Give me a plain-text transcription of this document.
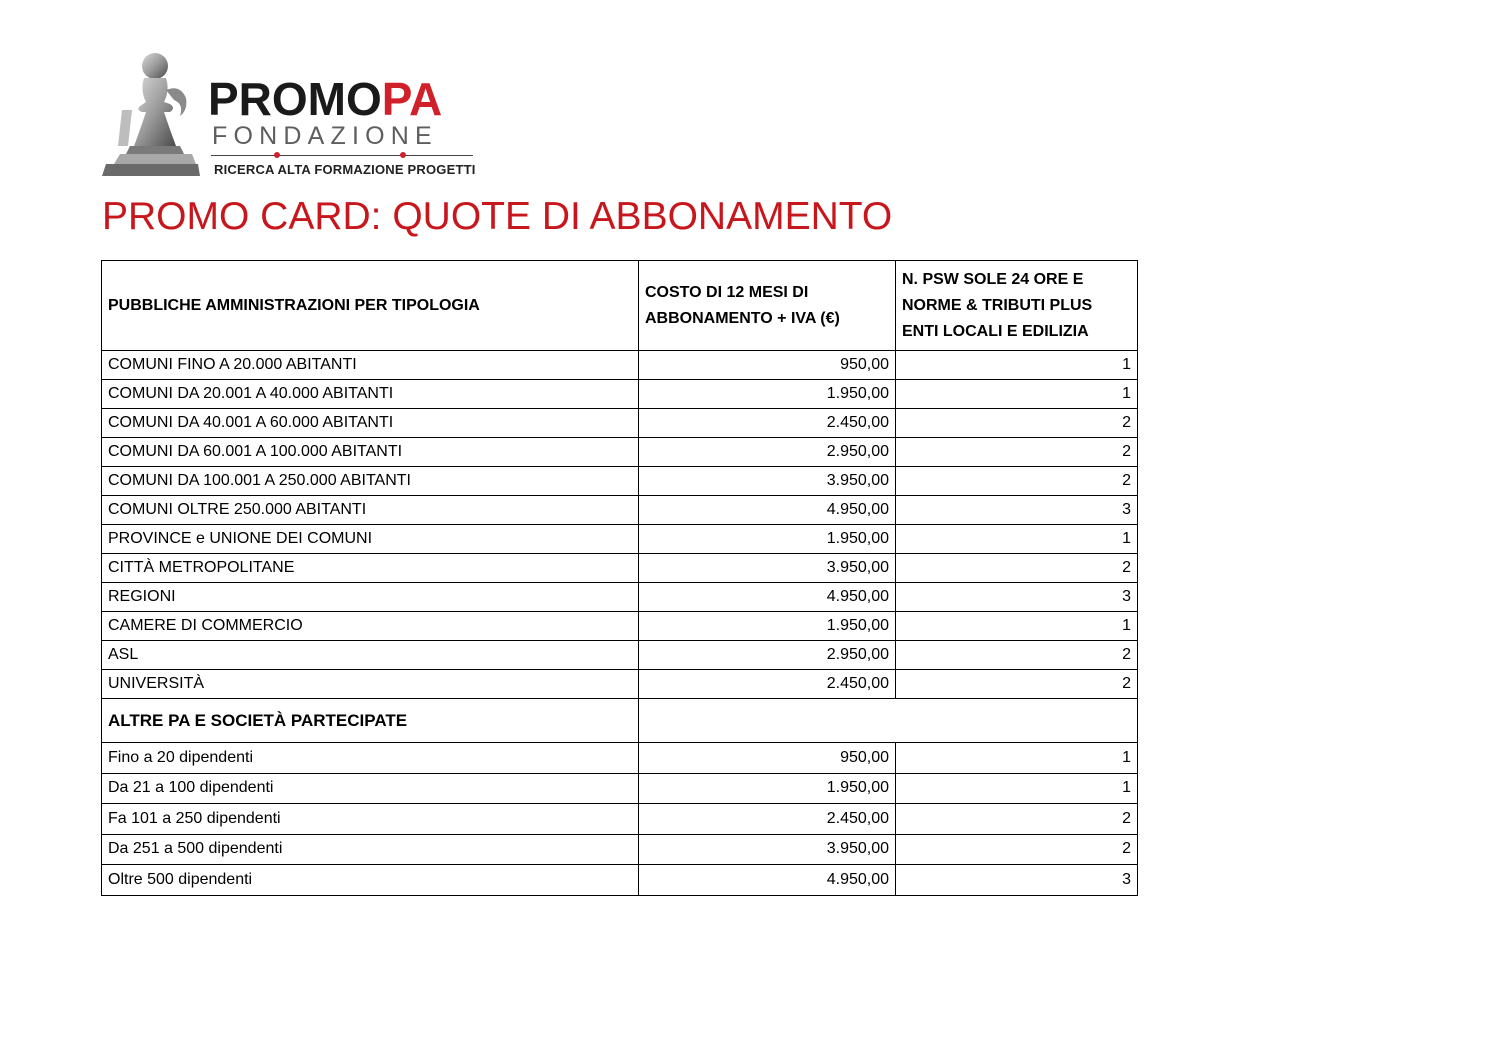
PROMOPA
FONDAZIONE
RICERCA ALTA FORMAZIONE PROGETTI
PROMO CARD: QUOTE DI ABBONAMENTO
PUBBLICHE AMMINISTRAZIONI PER TIPOLOGIA	COSTO DI 12 MESI DI ABBONAMENTO + IVA (€)	N. PSW SOLE 24 ORE E NORME & TRIBUTI PLUS ENTI LOCALI E EDILIZIA
COMUNI FINO A 20.000 ABITANTI	950,00	1
COMUNI DA 20.001 A 40.000 ABITANTI	1.950,00	1
COMUNI DA 40.001 A 60.000 ABITANTI	2.450,00	2
COMUNI DA 60.001 A 100.000 ABITANTI	2.950,00	2
COMUNI DA 100.001 A 250.000 ABITANTI	3.950,00	2
COMUNI OLTRE 250.000 ABITANTI	4.950,00	3
PROVINCE e UNIONE DEI COMUNI	1.950,00	1
CITTÀ METROPOLITANE	3.950,00	2
REGIONI	4.950,00	3
CAMERE DI COMMERCIO	1.950,00	1
ASL	2.950,00	2
UNIVERSITÀ	2.450,00	2
ALTRE PA E SOCIETÀ PARTECIPATE		
Fino a 20 dipendenti	950,00	1
Da 21 a 100 dipendenti	1.950,00	1
Fa 101 a 250 dipendenti	2.450,00	2
Da 251 a 500 dipendenti	3.950,00	2
Oltre 500 dipendenti	4.950,00	3
